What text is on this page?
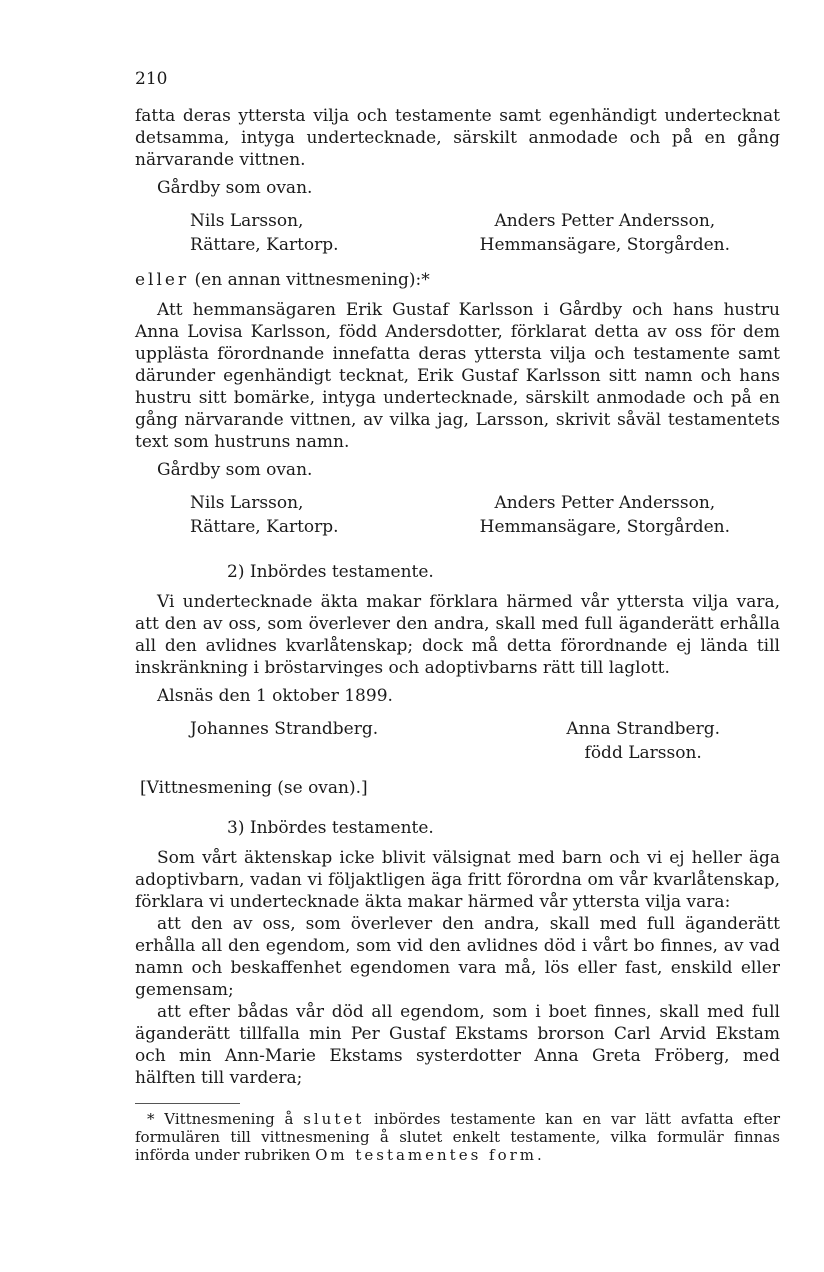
210

fatta deras yttersta vilja och testamente samt egenhändigt undertecknat detsamma, intyga undertecknade, särskilt anmodade och på en gång närvarande vittnen.

Gårdby som ovan.
Nils Larsson,
Rättare, Kartorp.
Anders Petter Andersson,
Hemmansägare, Storgården.
eller (en annan vittnesmening):*

Att hemmansägaren Erik Gustaf Karlsson i Gårdby och hans hustru Anna Lovisa Karlsson, född Andersdotter, förklarat detta av oss för dem upplästa förordnande innefatta deras yttersta vilja och testamente samt därunder egenhändigt tecknat, Erik Gustaf Karlsson sitt namn och hans hustru sitt bomärke, intyga undertecknade, särskilt anmodade och på en gång närvarande vittnen, av vilka jag, Larsson, skrivit såväl testamentets text som hustruns namn.

Gårdby som ovan.
Nils Larsson,
Rättare, Kartorp.
Anders Petter Andersson,
Hemmansägare, Storgården.
2) Inbördes testamente.

Vi undertecknade äkta makar förklara härmed vår yttersta vilja vara, att den av oss, som överlever den andra, skall med full äganderätt erhålla all den avlidnes kvarlåtenskap; dock må detta förordnande ej lända till inskränkning i bröstarvinges och adoptivbarns rätt till laglott.

Alsnäs den 1 oktober 1899.
Johannes Strandberg.	Anna Strandberg.
född Larsson.
[Vittnesmening (se ovan).]
3) Inbördes testamente.

Som vårt äktenskap icke blivit välsignat med barn och vi ej heller äga adoptivbarn, vadan vi följaktligen äga fritt förordna om vår kvarlåtenskap, förklara vi undertecknade äkta makar härmed vår yttersta vilja vara:

att den av oss, som överlever den andra, skall med full äganderätt erhålla all den egendom, som vid den avlidnes död i vårt bo finnes, av vad namn och beskaffenhet egendomen vara må, lös eller fast, enskild eller gemensam;

att efter bådas vår död all egendom, som i boet finnes, skall med full äganderätt tillfalla min Per Gustaf Ekstams brorson Carl Arvid Ekstam och min Ann-Marie Ekstams systerdotter Anna Greta Fröberg, med hälften till vardera;

* Vittnesmening å slutet inbördes testamente kan en var lätt avfatta efter formulären till vittnesmening å slutet enkelt testamente, vilka formulär finnas införda under rubriken Om testamentes form.
